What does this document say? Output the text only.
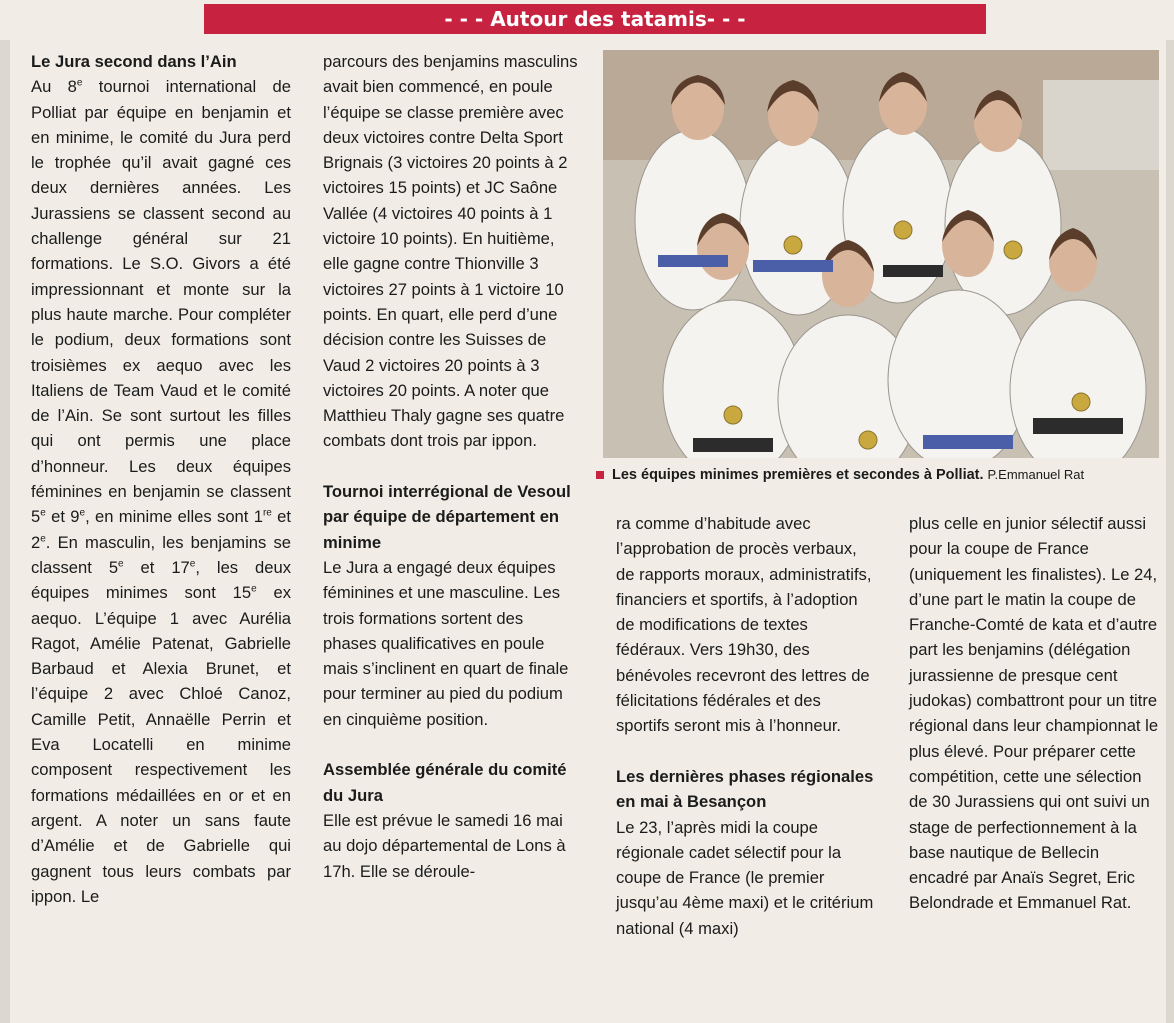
- - - Autour des tatamis- - -

Le Jura second dans l’Ain

Au 8e tournoi international de Polliat par équipe en benjamin et en minime, le comité du Jura perd le trophée qu’il avait gagné ces deux dernières années. Les Jurassiens se classent second au challenge général sur 21 formations. Le S.O. Givors a été impressionnant et monte sur la plus haute marche. Pour compléter le podium, deux formations sont troisièmes ex aequo avec les Italiens de Team Vaud et le comité de l’Ain. Se sont surtout les filles qui ont permis une place d’honneur. Les deux équipes féminines en benjamin se classent 5e et 9e, en minime elles sont 1re et 2e. En masculin, les benjamins se classent 5e et 17e, les deux équipes minimes sont 15e ex aequo. L’équipe 1 avec Aurélia Ragot, Amélie Patenat, Gabrielle Barbaud et Alexia Brunet, et l’équipe 2 avec Chloé Canoz, Camille Petit, Annaëlle Perrin et Eva Locatelli en minime composent respectivement les formations médaillées en or et en argent. A noter un sans faute d’Amélie et de Gabrielle qui gagnent tous leurs combats par ippon. Le

parcours des benjamins masculins avait bien commencé, en poule l’équipe se classe première avec deux victoires contre Delta Sport Brignais (3 victoires 20 points à 2 victoires 15 points) et JC Saône Vallée (4 victoires 40 points à 1 victoire 10 points). En huitième, elle gagne contre Thionville 3 victoires 27 points à 1 victoire 10 points. En quart, elle perd d’une décision contre les Suisses de Vaud 2 victoires 20 points à 3 victoires 20 points. A noter que Matthieu Thaly gagne ses quatre combats dont trois par ippon.

Tournoi interrégional de Vesoul par équipe de département en minime

Le Jura a engagé deux équipes féminines et une masculine. Les trois formations sortent des phases qualificatives en poule mais s’inclinent en quart de finale pour terminer au pied du podium en cinquième position.

Assemblée générale du comité du Jura

Elle est prévue le samedi 16 mai au dojo départemental de Lons à 17h. Elle se déroule-

Les équipes minimes premières et secondes à Polliat. P.Emmanuel Rat

ra comme d’habitude avec l’approbation de procès verbaux, de rapports moraux, administratifs, financiers et sportifs, à l’adoption de modifications de textes fédéraux. Vers 19h30, des bénévoles recevront des lettres de félicitations fédérales et des sportifs seront mis à l’honneur.

Les dernières phases régionales en mai à Besançon

Le 23, l’après midi la coupe régionale cadet sélectif pour la coupe de France (le premier jusqu’au 4ème maxi) et le critérium national (4 maxi)

plus celle en junior sélectif aussi pour la coupe de France (uniquement les finalistes). Le 24, d’une part le matin la coupe de Franche-Comté de kata et d’autre part les benjamins (délégation jurassienne de presque cent judokas) combattront pour un titre régional dans leur championnat le plus élevé. Pour préparer cette compétition, cette une sélection de 30 Jurassiens qui ont suivi un stage de perfectionnement à la base nautique de Bellecin encadré par Anaïs Segret, Eric Belondrade et Emmanuel Rat.
